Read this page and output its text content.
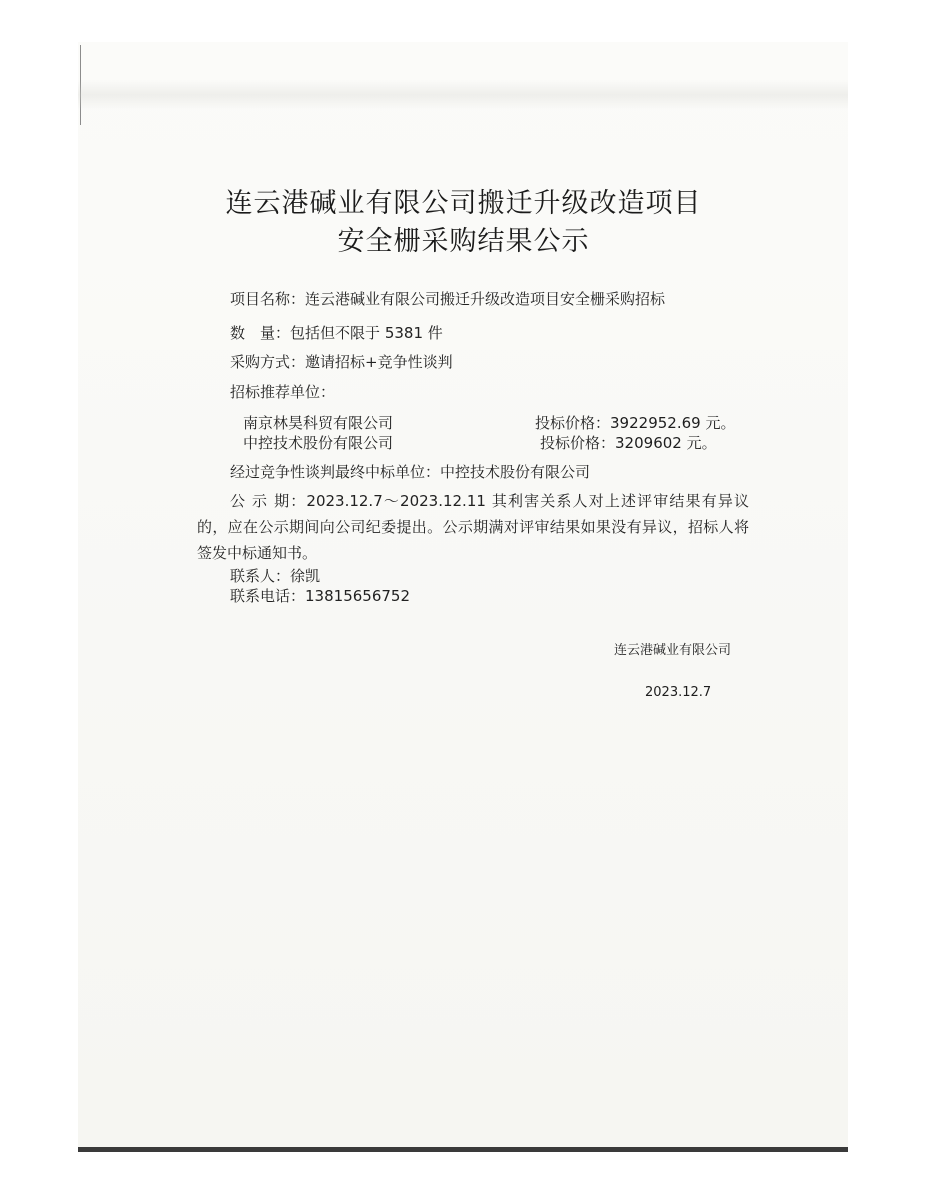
连云港碱业有限公司搬迁升级改造项目
安全栅采购结果公示
项目名称：连云港碱业有限公司搬迁升级改造项目安全栅采购招标
数　量：包括但不限于 5381 件
采购方式：邀请招标+竞争性谈判
招标推荐单位：
南京林昊科贸有限公司	投标价格：3922952.69 元。
中控技术股份有限公司	投标价格：3209602 元。
经过竞争性谈判最终中标单位：中控技术股份有限公司
公 示 期：2023.12.7～2023.12.11 其利害关系人对上述评审结果有异议的，应在公示期间向公司纪委提出。公示期满对评审结果如果没有异议，招标人将签发中标通知书。
联系人：徐凯
联系电话：13815656752
连云港碱业有限公司
2023.12.7
